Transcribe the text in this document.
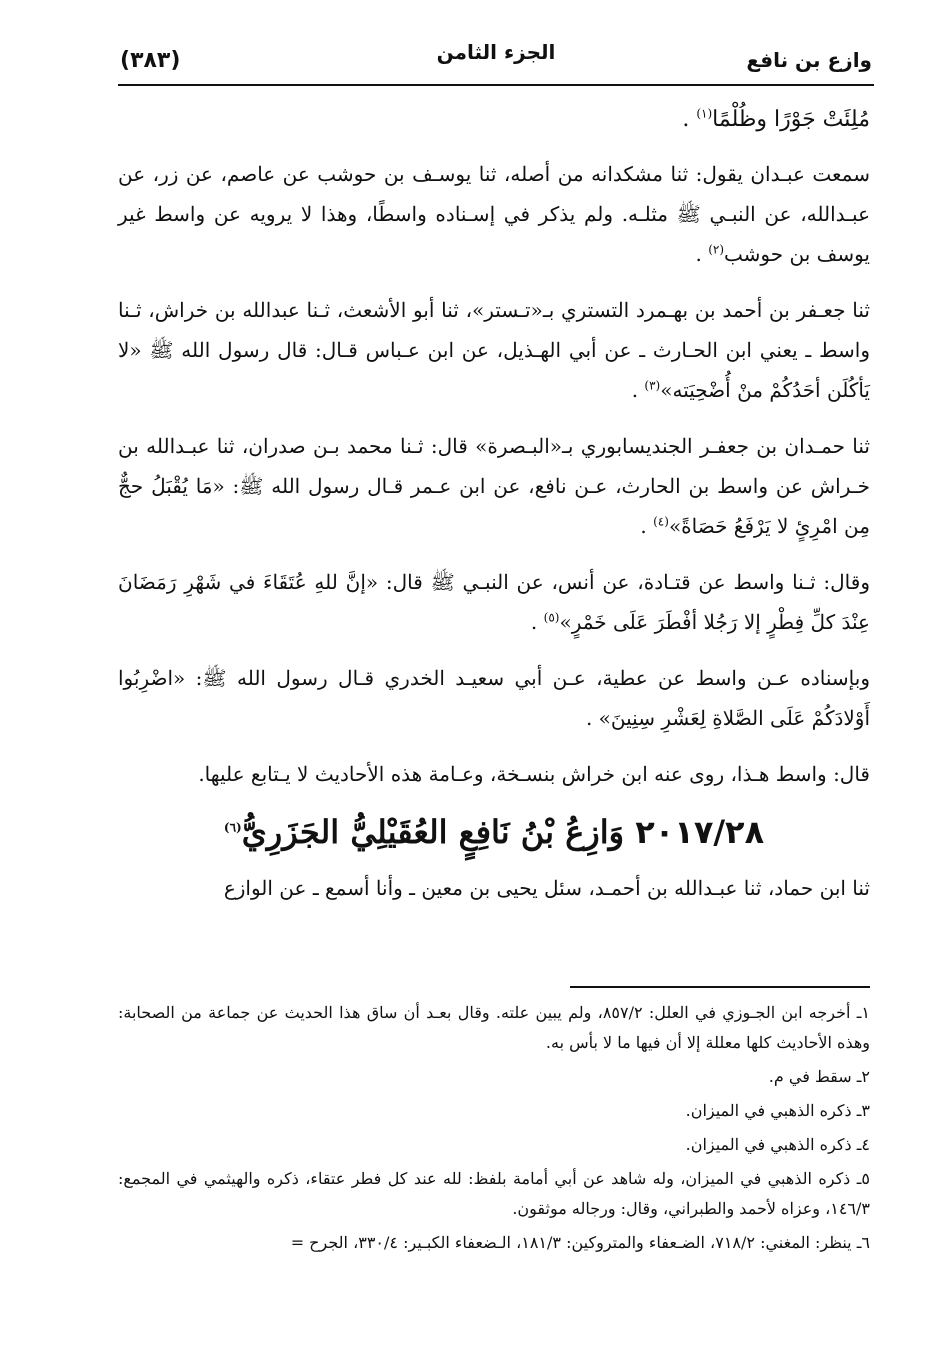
وازع بن نافع
الجزء الثامن
(٣٨٣)

مُلِئَتْ جَوْرًا وظُلْمًا$^{(١)}$ .

سمعت عبـدان يقول: ثنا مشكدانه من أصله، ثنا يوسـف بن حوشب عن عاصم، عن زر، عن عبـدالله، عن النبـي ﷺ مثلـه. ولم يذكر في إسـناده واسطًا، وهذا لا يرويه عن واسط غير يوسف بن حوشب$^{(٢)}$ .

ثنا جعـفر بن أحمد بن بهـمرد التستري بـ«تـستر»، ثنا أبو الأشعث، ثـنا عبدالله بن خراش، ثـنا واسط ـ يعني ابن الحـارث ـ عن أبي الهـذيل، عن ابن عـباس قـال: قال رسول الله ﷺ «لا يَأكُلَن أحَدُكُمْ منْ أُضْحِيَته»$^{(٣)}$ .

ثنا حمـدان بن جعفـر الجنديسابوري بـ«البـصرة» قال: ثـنا محمد بـن صدران، ثنا عبـدالله بن خـراش عن واسط بن الحارث، عـن نافع، عن ابن عـمر قـال رسول الله ﷺ: «مَا يُقْبَلُ حجٌّ مِن امْرِئٍ لا يَرْفَعُ حَصَاةً»$^{(٤)}$ .

وقال: ثـنا واسط عن قتـادة، عن أنس، عن النبـي ﷺ قال: «إنَّ للهِ عُتَقَاءَ في شَهْرِ رَمَضَانَ عِنْدَ كلِّ فِطْرٍ إلا رَجُلا أفْطَرَ عَلَى خَمْرٍ»$^{(٥)}$ .

وبإسناده عـن واسط عن عطية، عـن أبي سعيـد الخدري قـال رسول الله ﷺ: «اضْرِبُوا أَوْلادَكُمْ عَلَى الصَّلاةِ لِعَشْرِ سِنِينَ» .

قال: واسط هـذا، روى عنه ابن خراش بنسـخة، وعـامة هذه الأحاديث لا يـتابع عليها.

٢٠١٧/٢٨ وَازِعُ بْنُ نَافِعٍ العُقَيْلِيُّ الجَزَرِيُّ$^{(٦)}$

ثنا ابن حماد، ثنا عبـدالله بن أحمـد، سئل يحيى بن معين ـ وأنا أسمع ـ عن الوازع

١ـ أخرجه ابن الجـوزي في العلل: ٨٥٧/٢، ولم يبين علته. وقال بعـد أن ساق هذا الحديث عن جماعة من الصحابة: وهذه الأحاديث كلها معللة إلا أن فيها ما لا بأس به.
٢ـ سقط في م.
٣ـ ذكره الذهبي في الميزان.
٤ـ ذكره الذهبي في الميزان.
٥ـ ذكره الذهبي في الميزان، وله شاهد عن أبي أمامة بلفظ: لله عند كل فطر عتقاء، ذكره والهيثمي في المجمع: ١٤٦/٣، وعزاه لأحمد والطبراني، وقال: ورجاله موثقون.
٦ـ ينظر: المغني: ٧١٨/٢، الضـعفاء والمتروكين: ١٨١/٣، الـضعفاء الكبـير: ٣٣٠/٤، الجرح =
